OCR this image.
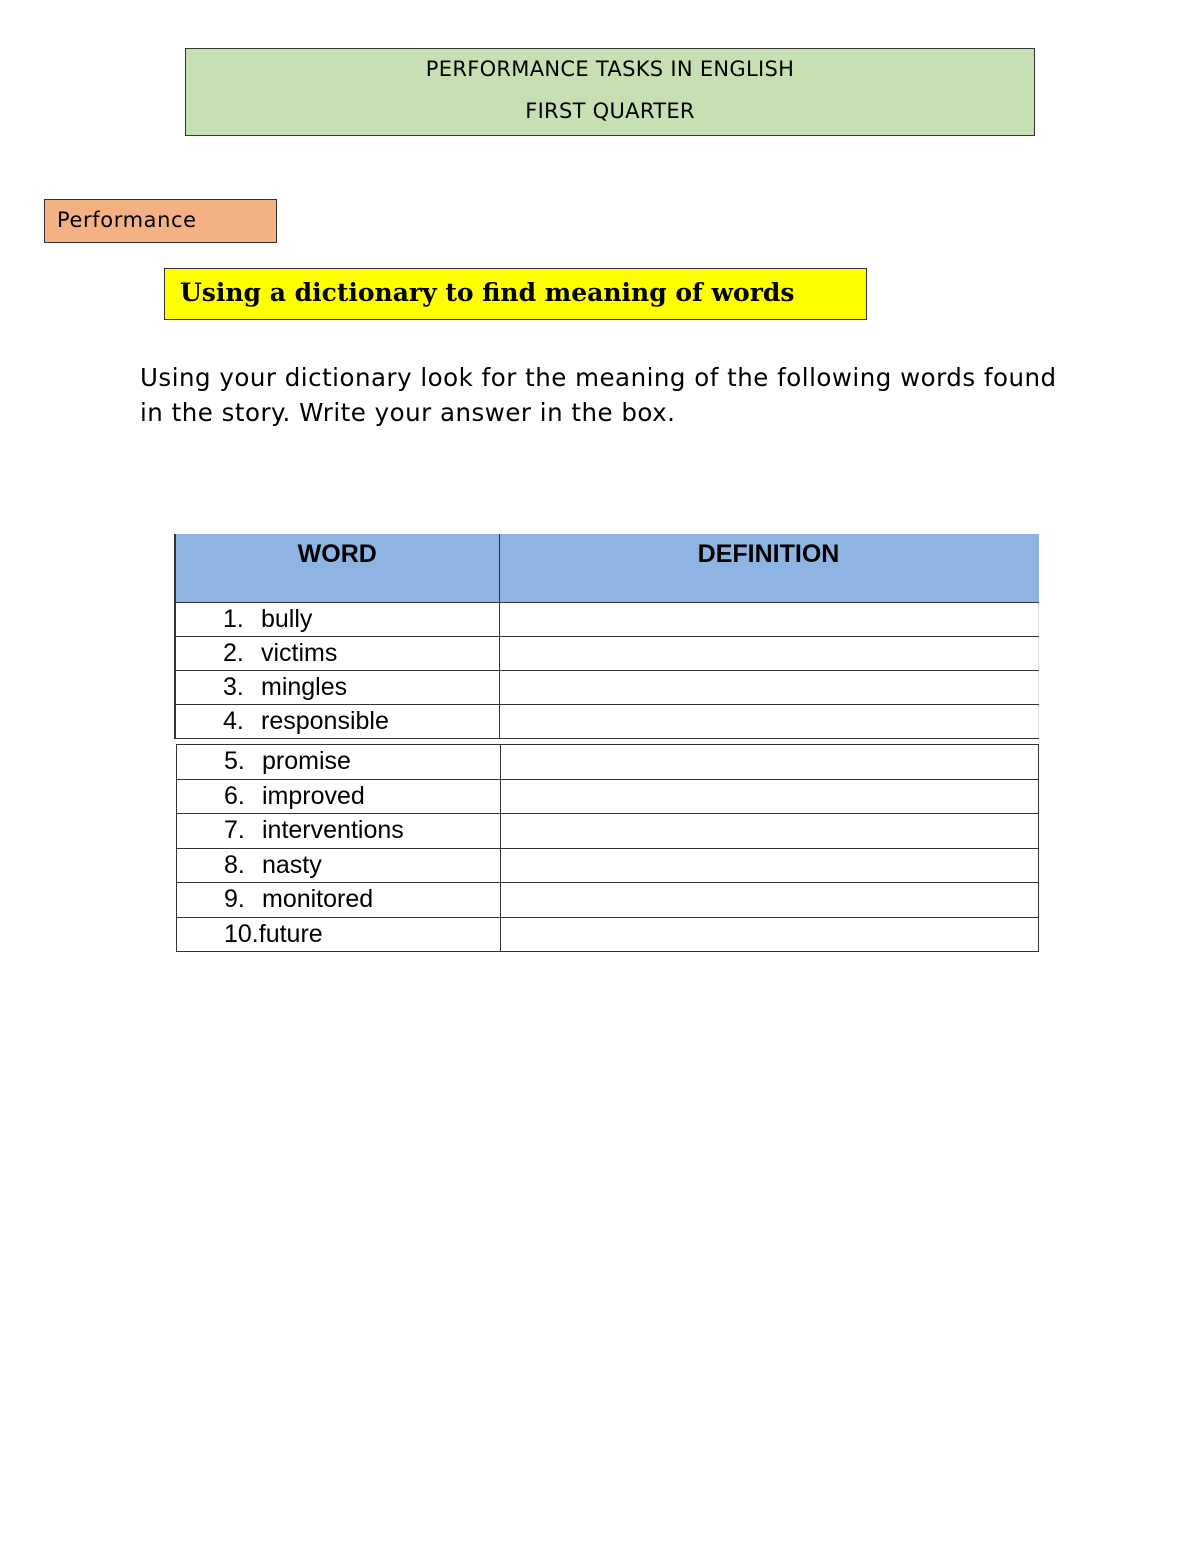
PERFORMANCE TASKS IN ENGLISH
FIRST QUARTER
Performance
Using a dictionary to find meaning of words

Using your dictionary look for the meaning of the following words found in the story. Write your answer in the box.

WORD	DEFINITION
1. bully	
2. victims	
3. mingles	
4. responsible	
5. promise	
6. improved	
7. interventions	
8. nasty	
9. monitored	
10.future	
